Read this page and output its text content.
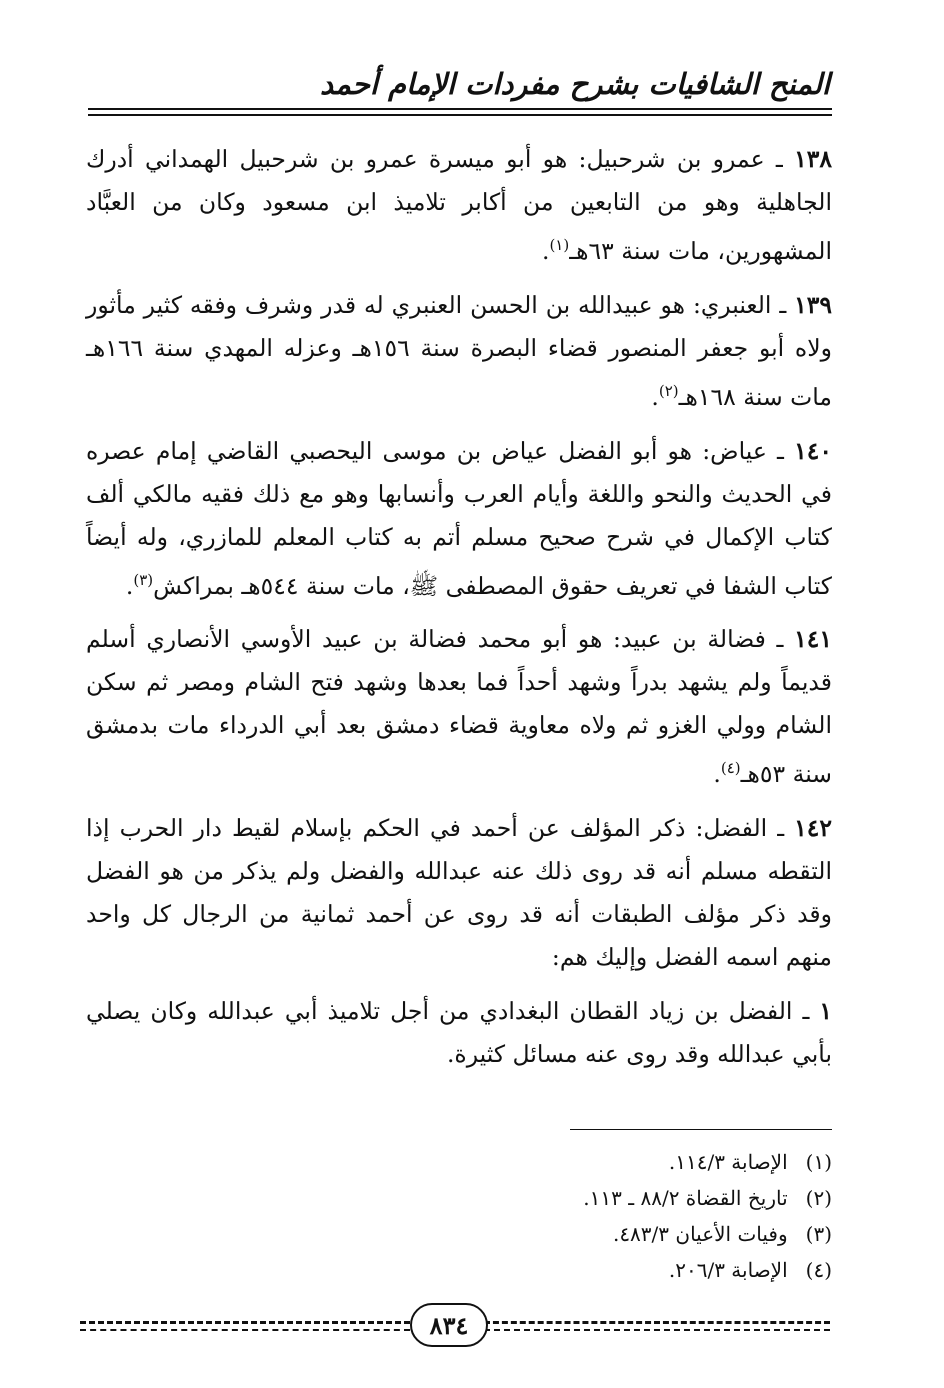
المنح الشافيات بشرح مفردات الإمام أحمد

١٣٨ ـ عمرو بن شرحبيل: هو أبو ميسرة عمرو بن شرحبيل الهمداني أدرك الجاهلية وهو من التابعين من أكابر تلاميذ ابن مسعود وكان من العبَّاد المشهورين، مات سنة ٦٣هـ$^{(١)}$.

١٣٩ ـ العنبري: هو عبيدالله بن الحسن العنبري له قدر وشرف وفقه كثير مأثور ولاه أبو جعفر المنصور قضاء البصرة سنة ١٥٦هـ وعزله المهدي سنة ١٦٦هـ مات سنة ١٦٨هـ$^{(٢)}$.

١٤٠ ـ عياض: هو أبو الفضل عياض بن موسى اليحصبي القاضي إمام عصره في الحديث والنحو واللغة وأيام العرب وأنسابها وهو مع ذلك فقيه مالكي ألف كتاب الإكمال في شرح صحيح مسلم أتم به كتاب المعلم للمازري، وله أيضاً كتاب الشفا في تعريف حقوق المصطفى ﷺ، مات سنة ٥٤٤هـ بمراكش$^{(٣)}$.

١٤١ ـ فضالة بن عبيد: هو أبو محمد فضالة بن عبيد الأوسي الأنصاري أسلم قديماً ولم يشهد بدراً وشهد أحداً فما بعدها وشهد فتح الشام ومصر ثم سكن الشام وولي الغزو ثم ولاه معاوية قضاء دمشق بعد أبي الدرداء مات بدمشق سنة ٥٣هـ$^{(٤)}$.

١٤٢ ـ الفضل: ذكر المؤلف عن أحمد في الحكم بإسلام لقيط دار الحرب إذا التقطه مسلم أنه قد روى ذلك عنه عبدالله والفضل ولم يذكر من هو الفضل وقد ذكر مؤلف الطبقات أنه قد روى عن أحمد ثمانية من الرجال كل واحد منهم اسمه الفضل وإليك هم:

١ ـ الفضل بن زياد القطان البغدادي من أجل تلاميذ أبي عبدالله وكان يصلي بأبي عبدالله وقد روى عنه مسائل كثيرة.

(١) الإصابة ١١٤/٣.
(٢) تاريخ القضاة ٨٨/٢ ـ ١١٣.
(٣) وفيات الأعيان ٤٨٣/٣.
(٤) الإصابة ٢٠٦/٣.
٨٣٤
